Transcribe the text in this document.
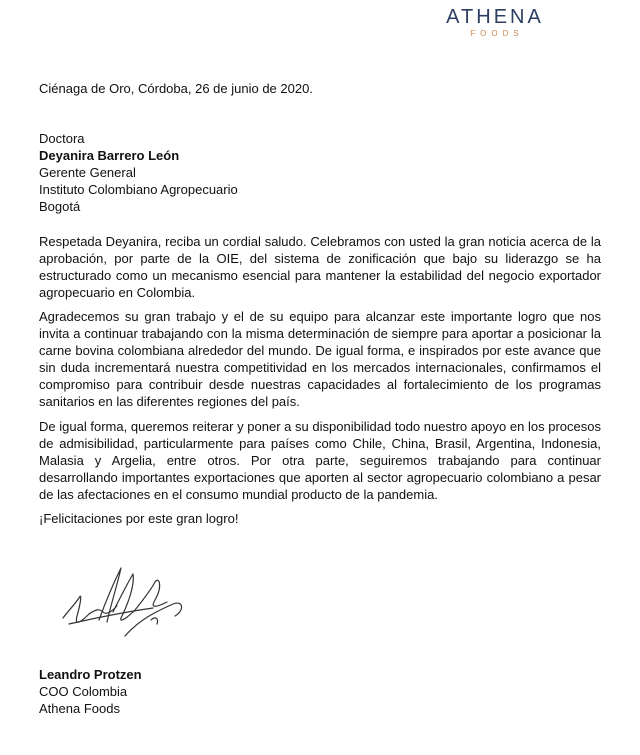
ATHENA
FOODS

Ciénaga de Oro, Córdoba, 26 de junio de 2020.

Doctora
Deyanira Barrero León
Gerente General
Instituto Colombiano Agropecuario
Bogotá

Respetada Deyanira, reciba un cordial saludo. Celebramos con usted la gran noticia acerca de la aprobación, por parte de la OIE, del sistema de zonificación que bajo su liderazgo se ha estructurado como un mecanismo esencial para mantener la estabilidad del negocio exportador agropecuario en Colombia.

Agradecemos su gran trabajo y el de su equipo para alcanzar este importante logro que nos invita a continuar trabajando con la misma determinación de siempre para aportar a posicionar la carne bovina colombiana alrededor del mundo. De igual forma, e inspirados por este avance que sin duda incrementará nuestra competitividad en los mercados internacionales, confirmamos el compromiso para contribuir desde nuestras capacidades al fortalecimiento de los programas sanitarios en las diferentes regiones del país.

De igual forma, queremos reiterar y poner a su disponibilidad todo nuestro apoyo en los procesos de admisibilidad, particularmente para países como Chile, China, Brasil, Argentina, Indonesia, Malasia y Argelia, entre otros. Por otra parte, seguiremos trabajando para continuar desarrollando importantes exportaciones que aporten al sector agropecuario colombiano a pesar de las afectaciones en el consumo mundial producto de la pandemia.

¡Felicitaciones por este gran logro!

Leandro Protzen
COO Colombia
Athena Foods
